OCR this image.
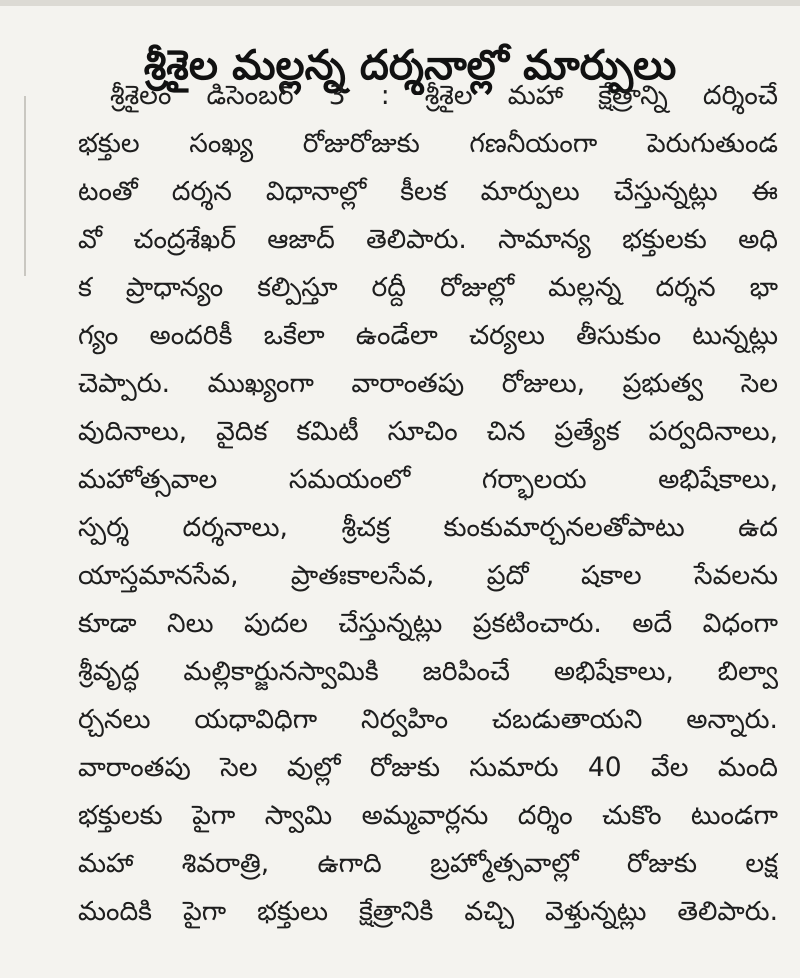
శ్రీశైల మల్లన్న దర్శనాల్లో మార్పులు
శ్రీశైలం డిసెంబర్ 3 : శ్రీశైల మహా క్షేత్రాన్ని దర్శించే
భక్తుల సంఖ్య రోజురోజుకు గణనీయంగా పెరుగుతుండ
టంతో దర్శన విధానాల్లో కీలక మార్పులు చేస్తున్నట్లు ఈ
వో చంద్రశేఖర్ ఆజాద్ తెలిపారు. సామాన్య భక్తులకు అధి
క ప్రాధాన్యం కల్పిస్తూ రద్దీ రోజుల్లో మల్లన్న దర్శన భా
గ్యం అందరికీ ఒకేలా ఉండేలా చర్యలు తీసుకుం టున్నట్లు
చెప్పారు. ముఖ్యంగా వారాంతపు రోజులు, ప్రభుత్వ సెల
వుదినాలు, వైదిక కమిటీ సూచిం చిన ప్రత్యేక పర్వదినాలు,
మహోత్సవాల సమయంలో గర్భాలయ అభిషేకాలు,
స్పర్శ దర్శనాలు, శ్రీచక్ర కుంకుమార్చనలతోపాటు ఉద
యాస్తమానసేవ, ప్రాతఃకాలసేవ, ప్రదో షకాల సేవలను
కూడా నిలు పుదల చేస్తున్నట్లు ప్రకటించారు. అదే విధంగా
శ్రీవృద్ధ మల్లికార్జునస్వామికి జరిపించే అభిషేకాలు, బిల్వా
ర్చనలు యధావిధిగా నిర్వహిం చబడుతాయని అన్నారు.
వారాంతపు సెల వుల్లో రోజుకు సుమారు 40 వేల మంది
భక్తులకు పైగా స్వామి అమ్మవార్లను దర్శిం చుకొం టుండగా
మహా శివరాత్రి, ఉగాది బ్రహ్మోత్సవాల్లో రోజుకు లక్ష
మందికి పైగా భక్తులు క్షేత్రానికి వచ్చి వెళ్తున్నట్లు తెలిపారు.
